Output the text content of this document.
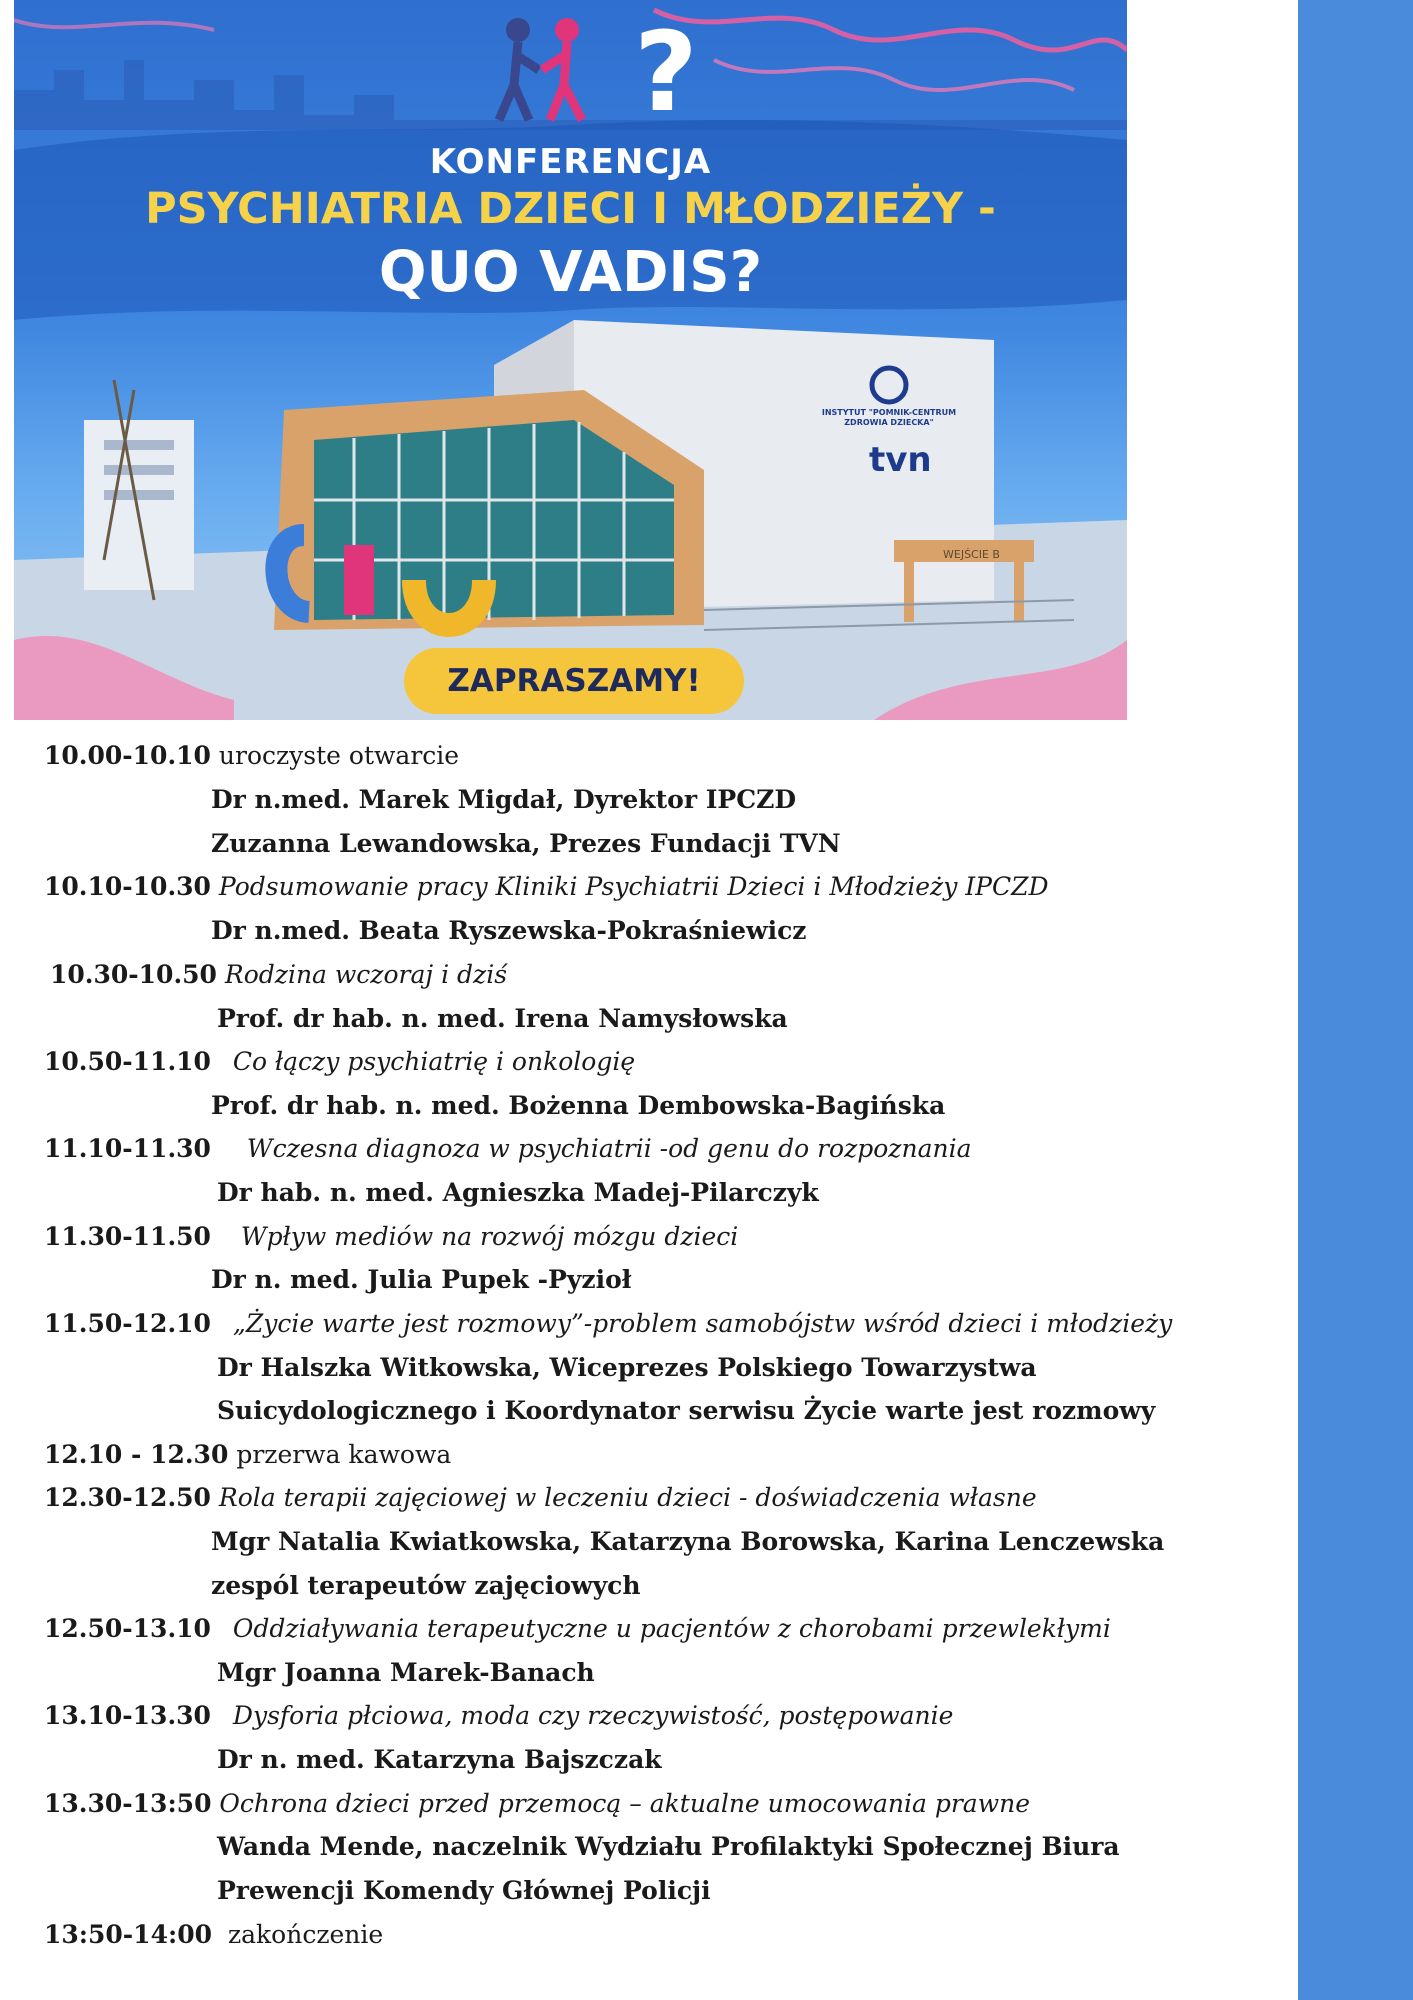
?
KONFERENCJA
PSYCHIATRIA DZIECI I MŁODZIEŻY -
QUO VADIS?
INSTYTUT "POMNIK-CENTRUM ZDROWIA DZIECKA"
tvn
WEJŚCIE B
ZAPRASZAMY!
10.00-10.10 uroczyste otwarcie
Dr n.med. Marek Migdał, Dyrektor IPCZD
Zuzanna Lewandowska, Prezes Fundacji TVN
10.10-10.30 Podsumowanie pracy Kliniki Psychiatrii Dzieci i Młodzieży IPCZD
Dr n.med. Beata Ryszewska-Pokraśniewicz
10.30-10.50 Rodzina wczoraj i dziś
Prof. dr hab. n. med. Irena Namysłowska
10.50-11.10 Co łączy psychiatrię i onkologię
Prof. dr hab. n. med. Bożenna Dembowska-Bagińska
11.10-11.30 Wczesna diagnoza w psychiatrii -od genu do rozpoznania
Dr hab. n. med. Agnieszka Madej-Pilarczyk
11.30-11.50 Wpływ mediów na rozwój mózgu dzieci
Dr n. med. Julia Pupek -Pyzioł
11.50-12.10 „Życie warte jest rozmowy”-problem samobójstw wśród dzieci i młodzieży
Dr Halszka Witkowska, Wiceprezes Polskiego Towarzystwa
Suicydologicznego i Koordynator serwisu Życie warte jest rozmowy
12.10 - 12.30 przerwa kawowa
12.30-12.50 Rola terapii zajęciowej w leczeniu dzieci - doświadczenia własne
Mgr Natalia Kwiatkowska, Katarzyna Borowska, Karina Lenczewska
zespól terapeutów zajęciowych
12.50-13.10 Oddziaływania terapeutyczne u pacjentów z chorobami przewlekłymi
Mgr Joanna Marek-Banach
13.10-13.30 Dysforia płciowa, moda czy rzeczywistość, postępowanie
Dr n. med. Katarzyna Bajszczak
13.30-13:50 Ochrona dzieci przed przemocą – aktualne umocowania prawne
Wanda Mende, naczelnik Wydziału Profilaktyki Społecznej Biura
Prewencji Komendy Głównej Policji
13:50-14:00 zakończenie
